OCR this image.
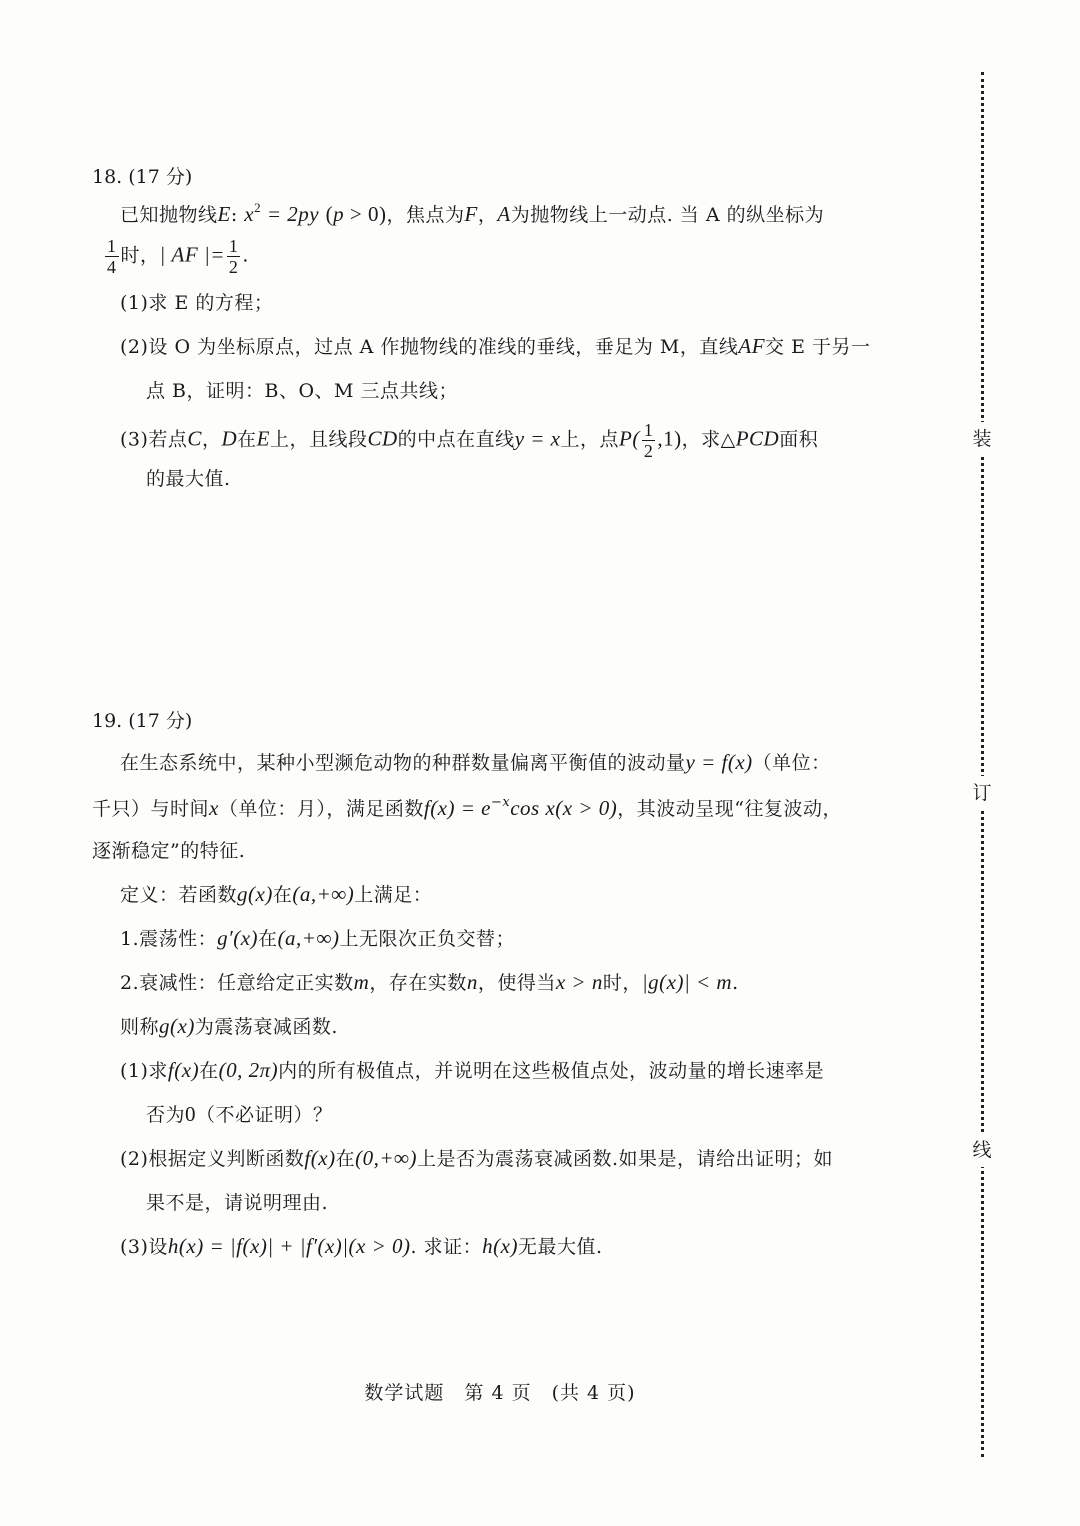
装
订
线
18. (17 分)
已知抛物线E: $x^2 = 2py$ (p > 0)，焦点为F，A为抛物线上一动点. 当 A 的纵坐标为
$\frac{1}{4}$ 时，| AF |= $\frac{1}{2}$ .
(1)求 E 的方程；
(2)设 O 为坐标原点，过点 A 作抛物线的准线的垂线，垂足为 M，直线AF交 E 于另一
点 B，证明：B、O、M 三点共线；
(3)若点C，D在E上，且线段CD的中点在直线y = x上，点$P( \frac{1}{2} ,1)$，求△PCD面积
的最大值.
19. (17 分)
在生态系统中，某种小型濒危动物的种群数量偏离平衡值的波动量y = f(x)（单位：
千只）与时间x（单位：月），满足函数$f(x) = e^{-x}\cos$ x(x > 0)，其波动呈现“往复波动，
逐渐稳定”的特征.
定义：若函数g(x)在(a,+∞)上满足：
1.震荡性：g′(x)在(a,+∞)上无限次正负交替；
2.衰减性：任意给定正实数m，存在实数n，使得当x > n时，|g(x)| < m.
则称g(x)为震荡衰减函数.
(1)求f(x)在(0, 2π)内的所有极值点，并说明在这些极值点处，波动量的增长速率是
否为0（不必证明）？
(2)根据定义判断函数f(x)在(0,+∞)上是否为震荡衰减函数.如果是，请给出证明；如
果不是，请说明理由.
(3)设h(x) = |f(x)| + |f′(x)|(x > 0). 求证：h(x)无最大值.
数学试题　第 4 页　(共 4 页)
